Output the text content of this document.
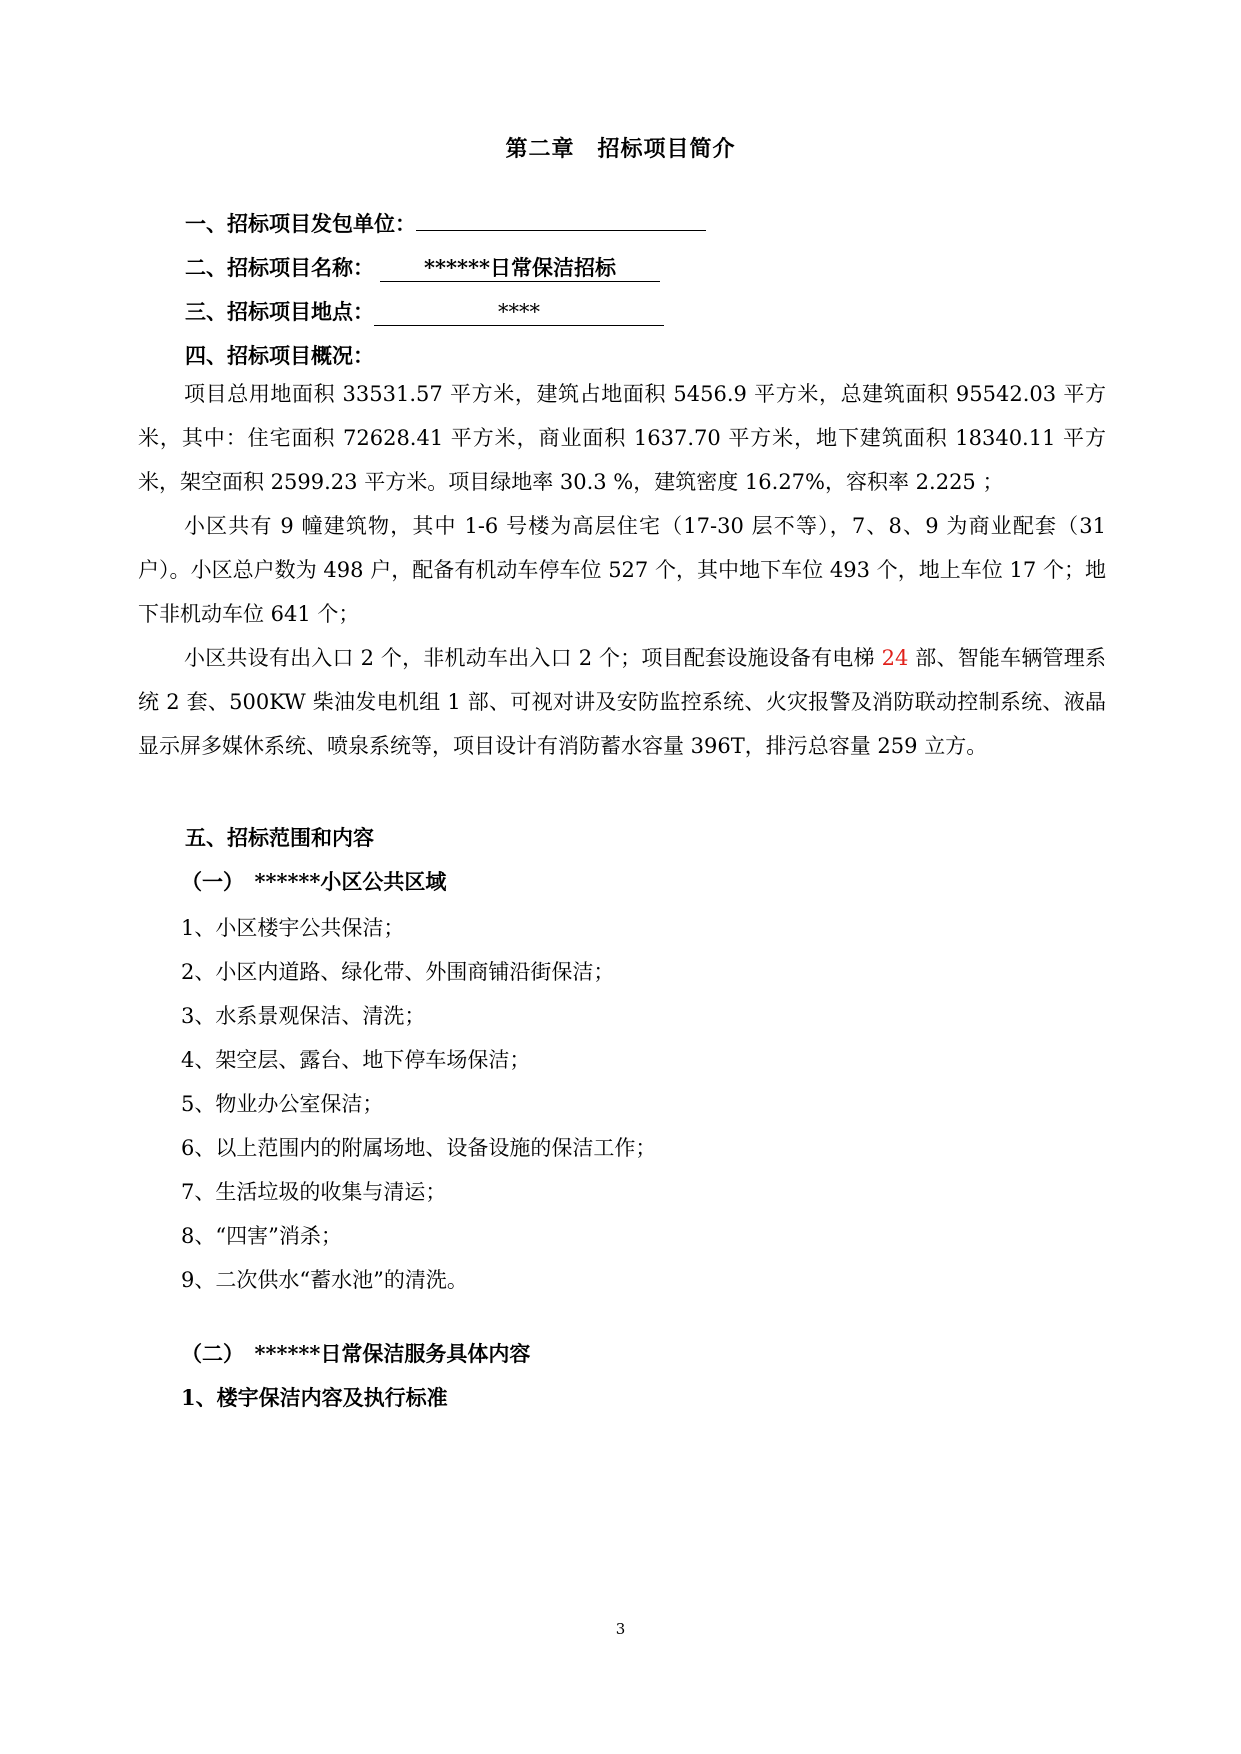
第二章　招标项目简介
一、招标项目发包单位：
二、招标项目名称： ******日常保洁招标
三、招标项目地点：	****
四、招标项目概况：
项目总用地面积 33531.57 平方米，建筑占地面积 5456.9 平方米，总建筑面积 95542.03 平方米，其中：住宅面积 72628.41 平方米，商业面积 1637.70 平方米，地下建筑面积 18340.11 平方米，架空面积 2599.23 平方米。项目绿地率 30.3 %，建筑密度 16.27%，容积率 2.225 ；
小区共有 9 幢建筑物，其中 1-6 号楼为高层住宅（17-30 层不等），7、8、9 为商业配套（31 户）。小区总户数为 498 户，配备有机动车停车位 527 个，其中地下车位 493 个，地上车位 17 个；地下非机动车位 641 个；
小区共设有出入口 2 个，非机动车出入口 2 个；项目配套设施设备有电梯 24 部、智能车辆管理系统 2 套、500KW 柴油发电机组 1 部、可视对讲及安防监控系统、火灾报警及消防联动控制系统、液晶显示屏多媒休系统、喷泉系统等，项目设计有消防蓄水容量 396T，排污总容量 259 立方。
五、招标范围和内容
（一）　******小区公共区域
1、小区楼宇公共保洁；
2、小区内道路、绿化带、外围商铺沿街保洁；
3、水系景观保洁、清洗；
4、架空层、露台、地下停车场保洁；
5、物业办公室保洁；
6、以上范围内的附属场地、设备设施的保洁工作；
7、生活垃圾的收集与清运；
8、“四害”消杀；
9、二次供水“蓄水池”的清洗。
（二）　******日常保洁服务具体内容
1、楼宇保洁内容及执行标准
3
